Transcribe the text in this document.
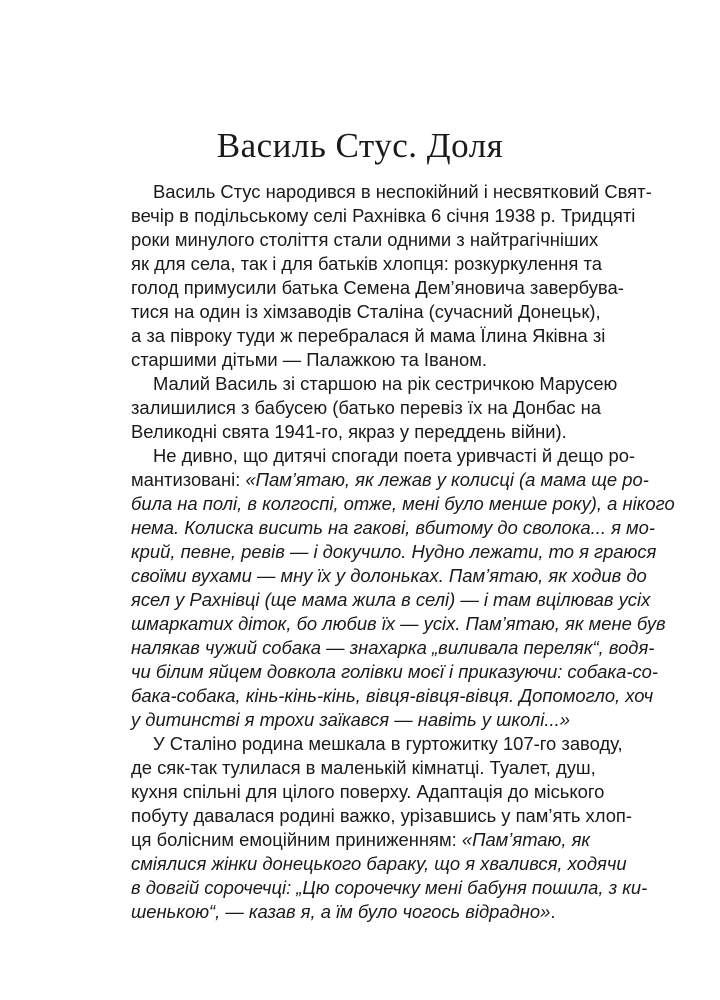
Василь Стус. Доля
Василь Стус народився в неспокійний і несвятковий Свят-
вечір в подільському селі Рахнівка 6 січня 1938 р. Тридцяті
роки минулого століття стали одними з найтрагічніших
як для села, так і для батьків хлопця: розкуркулення та
голод примусили батька Семена Дем’яновича завербува-
тися на один із хімзаводів Сталіна (сучасний Донецьк),
а за півроку туди ж перебралася й мама Їлина Яківна зі
старшими дітьми — Палажкою та Іваном.
Малий Василь зі старшою на рік сестричкою Марусею
залишилися з бабусею (батько перевіз їх на Донбас на
Великодні свята 1941-го, якраз у переддень війни).
Не дивно, що дитячі спогади поета уривчасті й дещо ро-
мантизовані: «Пам’ятаю, як лежав у колисці (а мама ще ро-
била на полі, в колгоспі, отже, мені було менше року), а нікого
нема. Колиска висить на гакові, вбитому до сволока... я мо-
крий, певне, ревів — і докучило. Нудно лежати, то я граюся
своїми вухами — мну їх у долоньках. Пам’ятаю, як ходив до
ясел у Рахнівці (ще мама жила в селі) — і там вцілював усіх
шмаркатих діток, бо любив їх — усіх. Пам’ятаю, як мене був
налякав чужий собака — знахарка „виливала переляк“, водя-
чи білим яйцем довкола голівки моєї і приказуючи: собака-со-
бака-собака, кінь-кінь-кінь, вівця-вівця-вівця. Допомогло, хоч
у дитинстві я трохи заїкався — навіть у школі...»
У Сталіно родина мешкала в гуртожитку 107-го заводу,
де сяк-так тулилася в маленькій кімнатці. Туалет, душ,
кухня спільні для цілого поверху. Адаптація до міського
побуту давалася родині важко, урізавшись у пам’ять хлоп-
ця болісним емоційним приниженням: «Пам’ятаю, як
сміялися жінки донецького бараку, що я хвалився, ходячи
в довгій сорочечці: „Цю сорочечку мені бабуня пошила, з ки-
шенькою“, — казав я, а їм було чогось відрадно».
